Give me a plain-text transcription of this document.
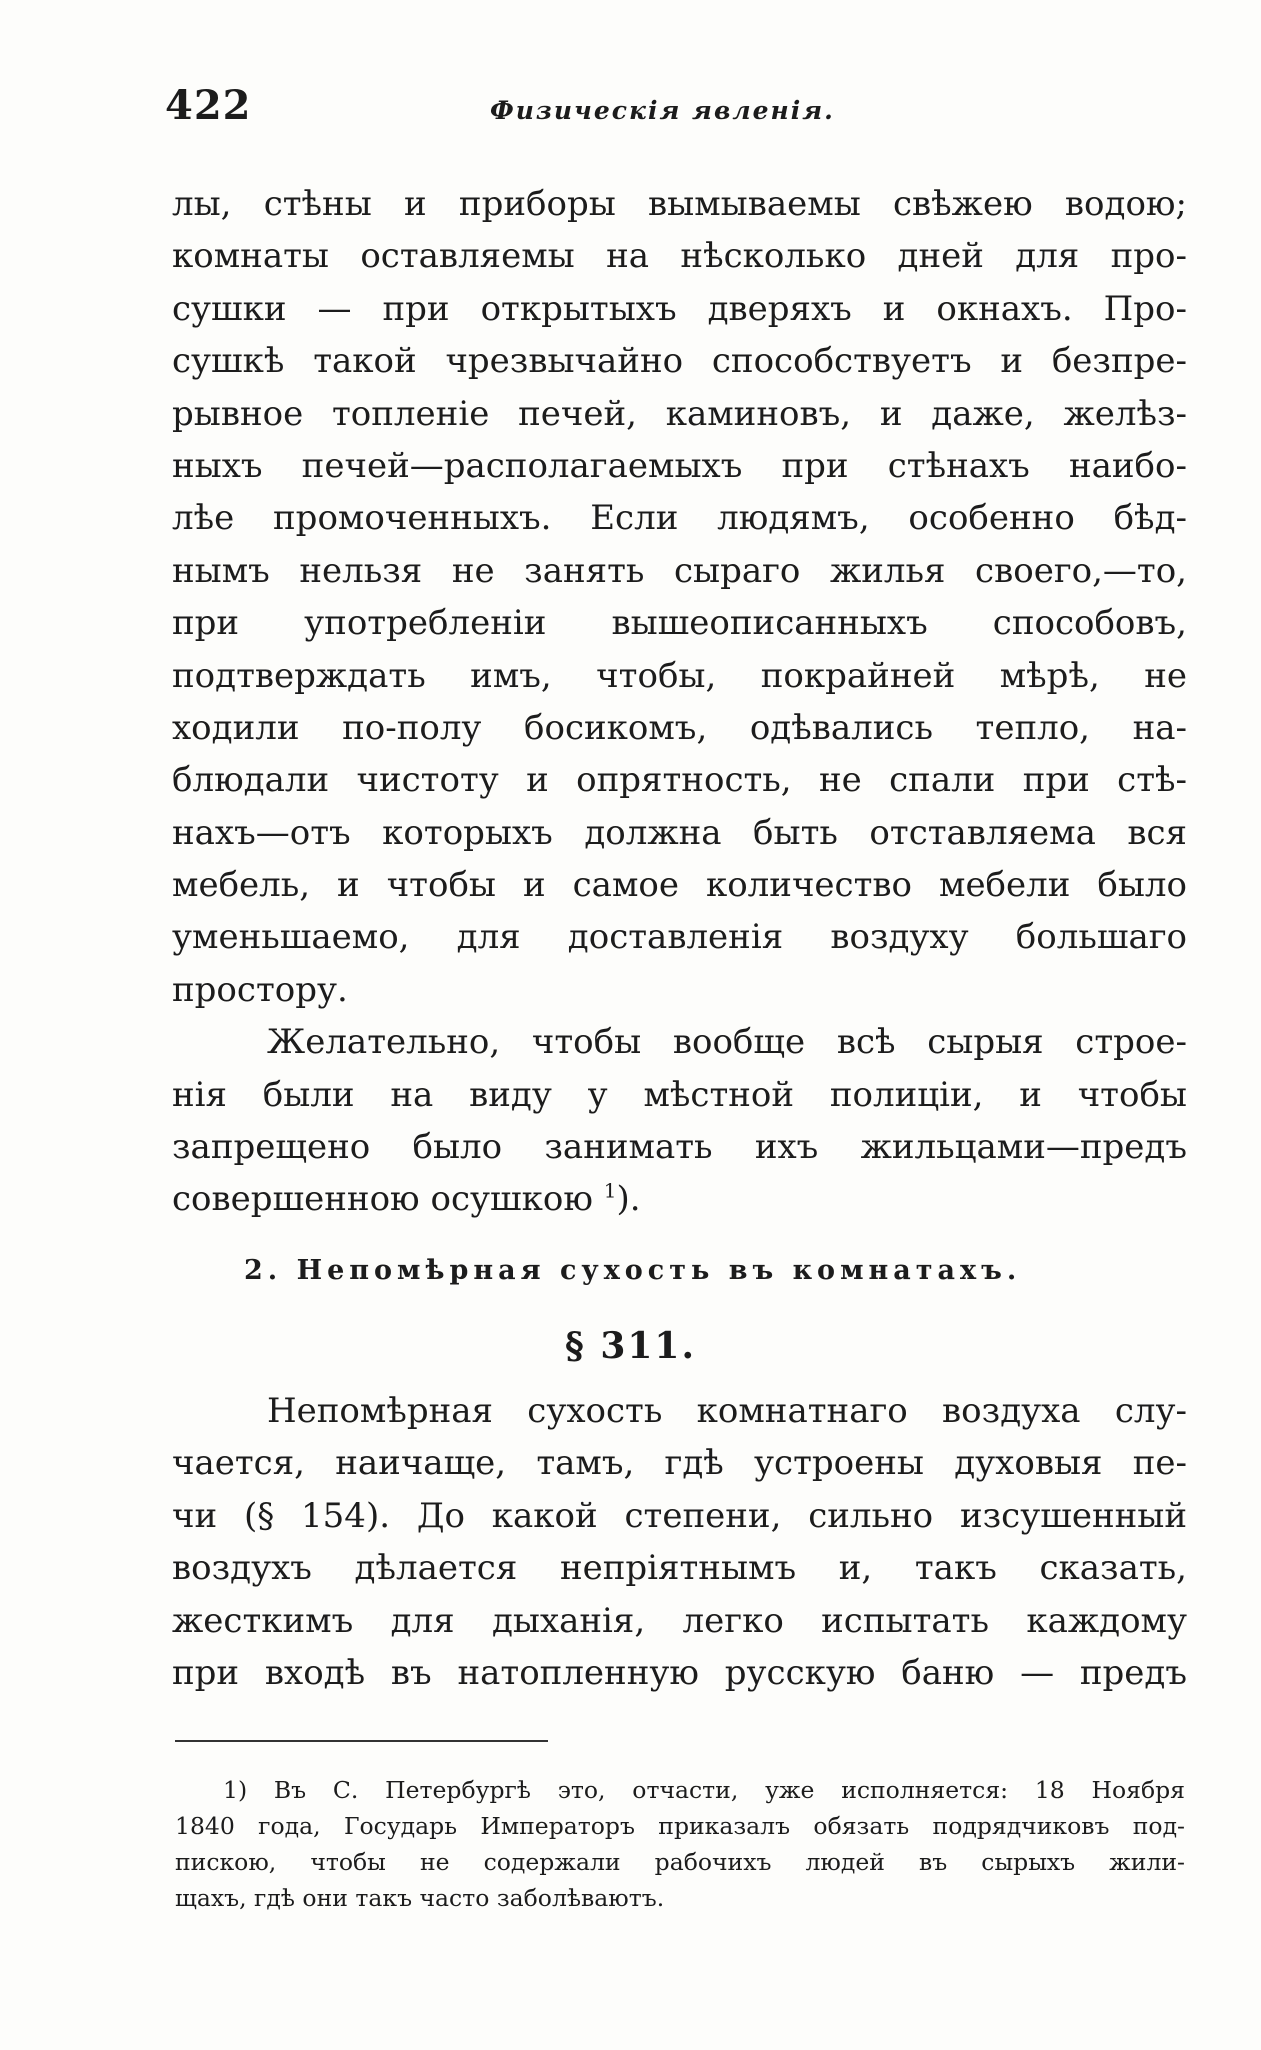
422	Физическія явленія.
лы, стѣны и приборы вымываемы свѣжею водою;
комнаты оставляемы на нѣсколько дней для про-
сушки — при открытыхъ дверяхъ и окнахъ. Про-
сушкѣ такой чрезвычайно способствуетъ и безпре-
рывное топленіе печей, каминовъ, и даже, желѣз-
ныхъ печей—располагаемыхъ при стѣнахъ наибо-
лѣе промоченныхъ. Если людямъ, особенно бѣд-
нымъ нельзя не занять сыраго жилья своего,—то,
при употребленіи вышеописанныхъ способовъ,
подтверждать имъ, чтобы, покрайней мѣрѣ, не
ходили по-полу босикомъ, одѣвались тепло, на-
блюдали чистоту и опрятность, не спали при стѣ-
нахъ—отъ которыхъ должна быть отставляема вся
мебель, и чтобы и самое количество мебели было
уменьшаемо, для доставленія воздуху большаго
простору.
Желательно, чтобы вообще всѣ сырыя строе-
нія были на виду у мѣстной полиціи, и чтобы
запрещено было занимать ихъ жильцами—предъ
совершенною осушкою $^1$).
2. Непомѣрная сухость въ комнатахъ.
§ 311.
Непомѣрная сухость комнатнаго воздуха слу-
чается, наичаще, тамъ, гдѣ устроены духовыя пе-
чи (§ 154). До какой степени, сильно изсушенный
воздухъ дѣлается непріятнымъ и, такъ сказать,
жесткимъ для дыханія, легко испытать каждому
при входѣ въ натопленную русскую баню — предъ
1) Въ С. Петербургѣ это, отчасти, уже исполняется: 18 Ноября
1840 года, Государь Императоръ приказалъ обязать подрядчиковъ под-
пискою, чтобы не содержали рабочихъ людей въ сырыхъ жили-
щахъ, гдѣ они такъ часто заболѣваютъ.
